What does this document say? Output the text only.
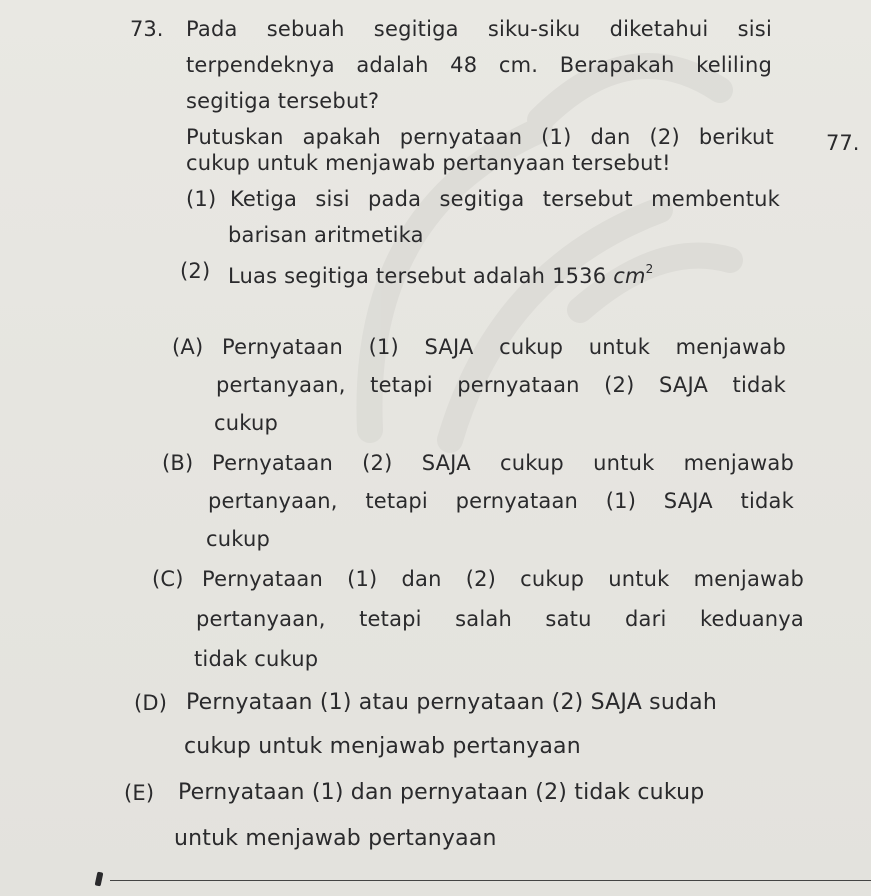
73.
77.
Pada sebuah segitiga siku-siku diketahui sisi
terpendeknya adalah 48 cm. Berapakah keliling
segitiga tersebut?
Putuskan apakah pernyataan (1) dan (2) berikut
cukup untuk menjawab pertanyaan tersebut!
(1) Ketiga sisi pada segitiga tersebut membentuk
barisan aritmetika
(2) Luas segitiga tersebut adalah 1536 $cm^2$
(A) Pernyataan (1) SAJA cukup untuk menjawab
pertanyaan, tetapi pernyataan (2) SAJA tidak
cukup
(B) Pernyataan (2) SAJA cukup untuk menjawab
pertanyaan, tetapi pernyataan (1) SAJA tidak
cukup
(C) Pernyataan (1) dan (2) cukup untuk menjawab
pertanyaan, tetapi salah satu dari keduanya
tidak cukup
(D) Pernyataan (1) atau pernyataan (2) SAJA sudah
cukup untuk menjawab pertanyaan
(E) Pernyataan (1) dan pernyataan (2) tidak cukup
untuk menjawab pertanyaan
